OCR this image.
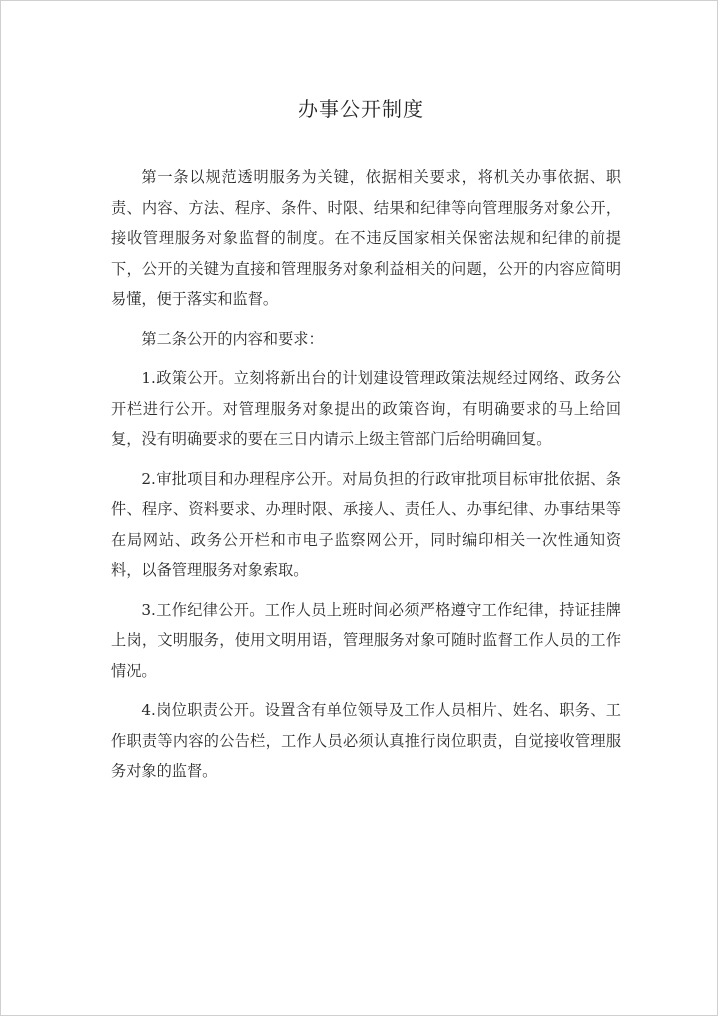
办事公开制度

第一条以规范透明服务为关键，依据相关要求，将机关办事依据、职责、内容、方法、程序、条件、时限、结果和纪律等向管理服务对象公开，接收管理服务对象监督的制度。在不违反国家相关保密法规和纪律的前提下，公开的关键为直接和管理服务对象利益相关的问题，公开的内容应简明易懂，便于落实和监督。

第二条公开的内容和要求：

1.政策公开。立刻将新出台的计划建设管理政策法规经过网络、政务公开栏进行公开。对管理服务对象提出的政策咨询，有明确要求的马上给回复，没有明确要求的要在三日内请示上级主管部门后给明确回复。

2.审批项目和办理程序公开。对局负担的行政审批项目标审批依据、条件、程序、资料要求、办理时限、承接人、责任人、办事纪律、办事结果等在局网站、政务公开栏和市电子监察网公开，同时编印相关一次性通知资料，以备管理服务对象索取。

3.工作纪律公开。工作人员上班时间必须严格遵守工作纪律，持证挂牌上岗，文明服务，使用文明用语，管理服务对象可随时监督工作人员的工作情况。

4.岗位职责公开。设置含有单位领导及工作人员相片、姓名、职务、工作职责等内容的公告栏，工作人员必须认真推行岗位职责，自觉接收管理服务对象的监督。
